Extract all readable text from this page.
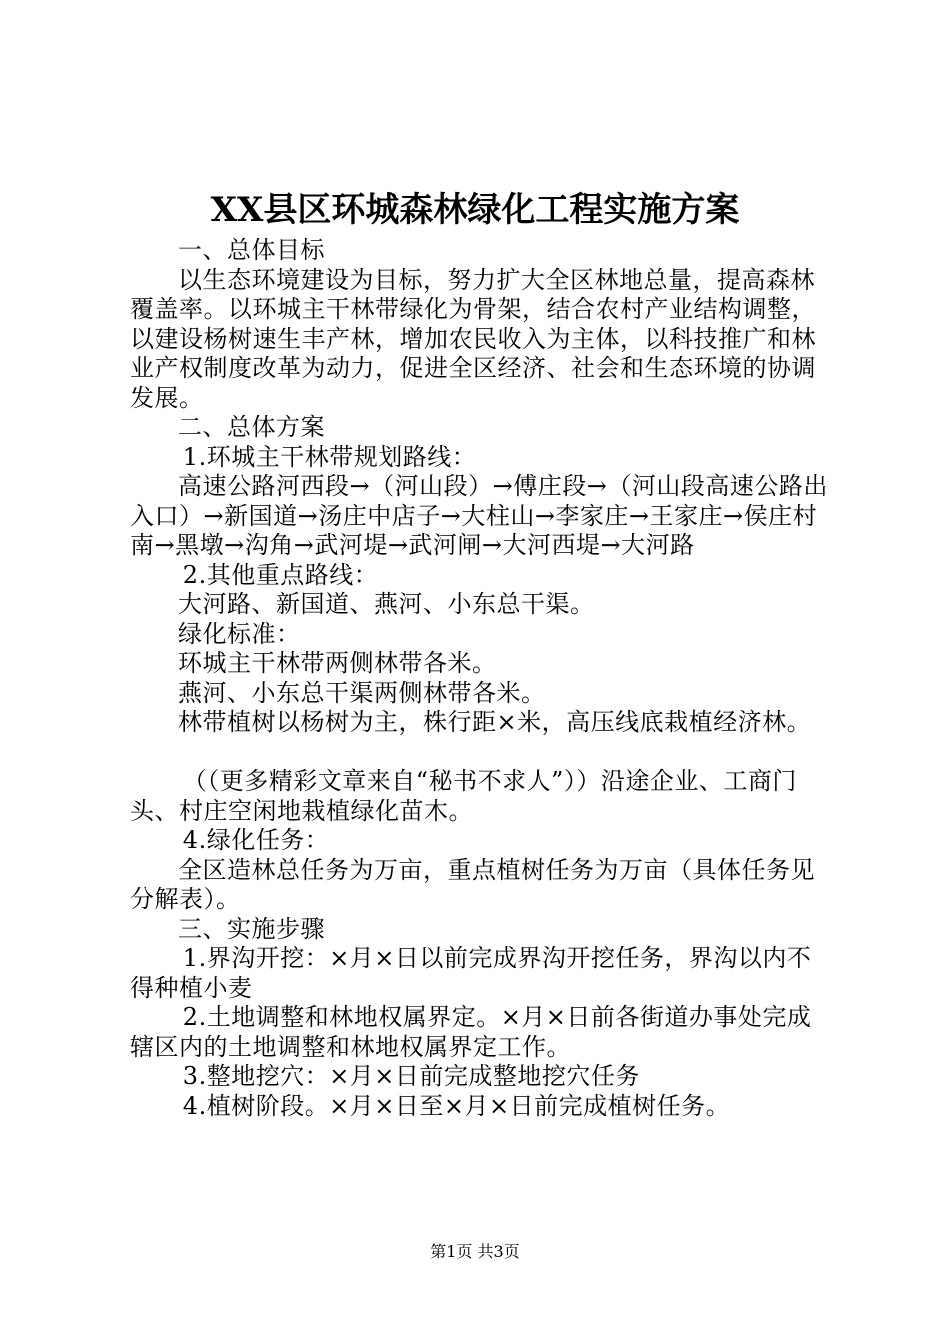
XX县区环城森林绿化工程实施方案

一、总体目标

以生态环境建设为目标，努力扩大全区林地总量，提高森林覆盖率。以环城主干林带绿化为骨架，结合农村产业结构调整，以建设杨树速生丰产林，增加农民收入为主体，以科技推广和林业产权制度改革为动力，促进全区经济、社会和生态环境的协调发展。

二、总体方案

1.环城主干林带规划路线：

高速公路河西段→（河山段）→傅庄段→（河山段高速公路出入口）→新国道→汤庄中店子→大柱山→李家庄→王家庄→侯庄村南→黑墩→沟角→武河堤→武河闸→大河西堤→大河路

2.其他重点路线：

大河路、新国道、燕河、小东总干渠。

绿化标准：

环城主干林带两侧林带各米。

燕河、小东总干渠两侧林带各米。

林带植树以杨树为主，株行距×米，高压线底栽植经济林。

（（更多精彩文章来自“秘书不求人”））沿途企业、工商门头、村庄空闲地栽植绿化苗木。

4.绿化任务：

全区造林总任务为万亩，重点植树任务为万亩（具体任务见分解表）。

三、实施步骤

1.界沟开挖：×月×日以前完成界沟开挖任务，界沟以内不得种植小麦

2.土地调整和林地权属界定。×月×日前各街道办事处完成辖区内的土地调整和林地权属界定工作。

3.整地挖穴：×月×日前完成整地挖穴任务

4.植树阶段。×月×日至×月×日前完成植树任务。

第1页 共3页
